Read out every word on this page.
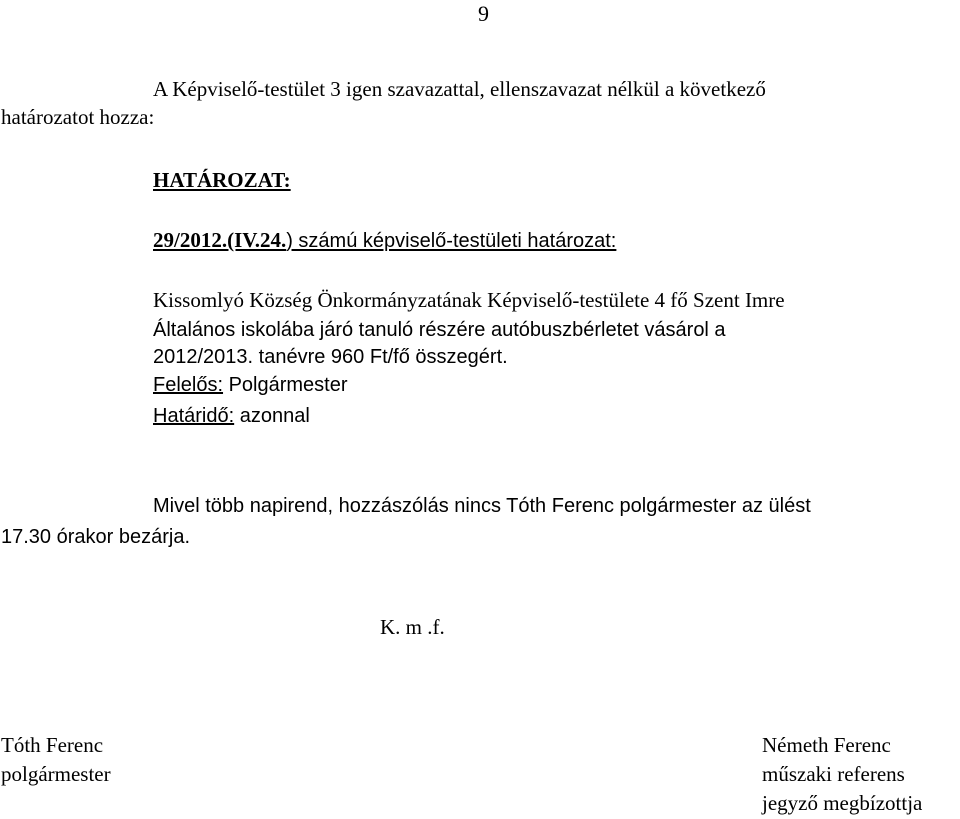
9
A Képviselő-testület 3 igen szavazattal, ellenszavazat nélkül a következő
határozatot hozza:
HATÁROZAT:
29/2012.(IV.24.) számú képviselő-testületi határozat:
Kissomlyó Község Önkormányzatának Képviselő-testülete 4 fő Szent Imre
Általános iskolába járó tanuló részére autóbuszbérletet vásárol a
2012/2013. tanévre 960 Ft/fő összegért.
Felelős: Polgármester
Határidő: azonnal
Mivel több napirend, hozzászólás nincs Tóth Ferenc polgármester az ülést
17.30 órakor bezárja.
K. m .f.
Tóth Ferenc
polgármester
Németh Ferenc
műszaki referens
jegyző megbízottja
